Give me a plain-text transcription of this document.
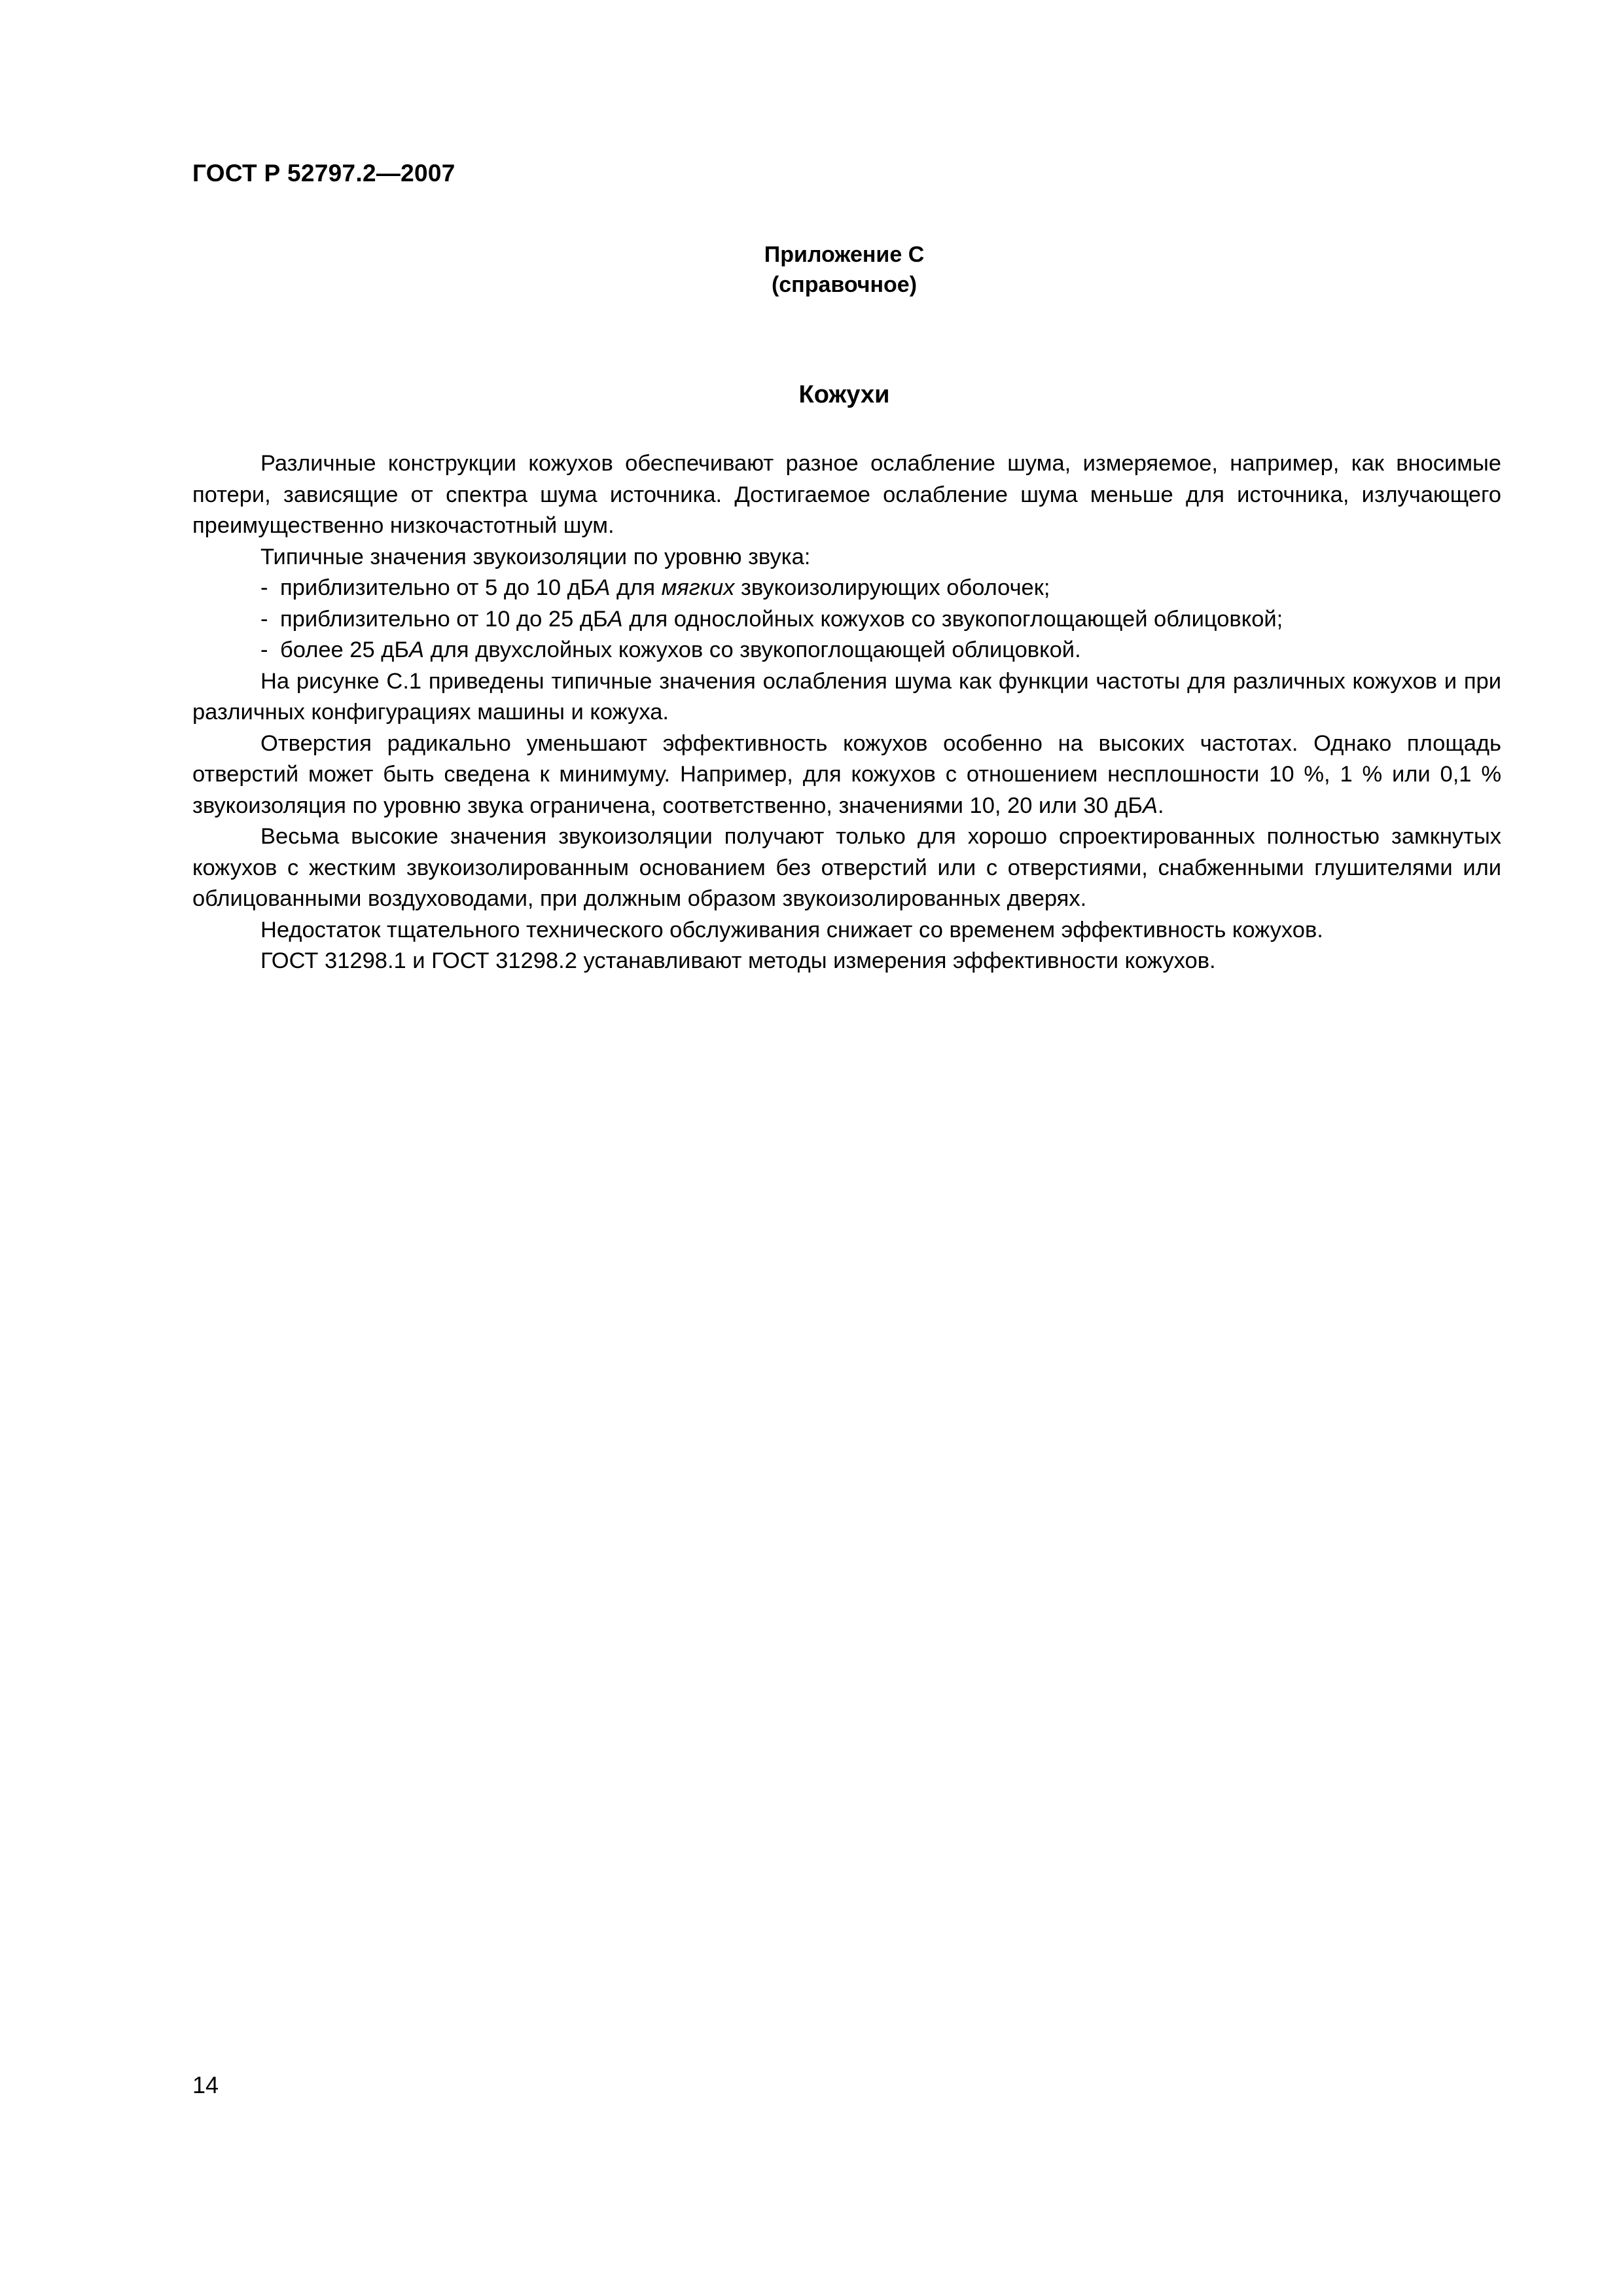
ГОСТ Р 52797.2—2007
Приложение С
(справочное)
Кожухи

Различные конструкции кожухов обеспечивают разное ослабление шума, измеряемое, например, как вносимые потери, зависящие от спектра шума источника. Достигаемое ослабление шума меньше для источника, излучающего преимущественно низкочастотный шум.

Типичные значения звукоизоляции по уровню звука:

- приблизительно от 5 до 10 дБА для мягких звукоизолирующих оболочек;

- приблизительно от 10 до 25 дБА для однослойных кожухов со звукопоглощающей облицовкой;

- более 25 дБА для двухслойных кожухов со звукопоглощающей облицовкой.

На рисунке С.1 приведены типичные значения ослабления шума как функции частоты для различных кожухов и при различных конфигурациях машины и кожуха.

Отверстия радикально уменьшают эффективность кожухов особенно на высоких частотах. Однако площадь отверстий может быть сведена к минимуму. Например, для кожухов с отношением несплошности 10 %, 1 % или 0,1 % звукоизоляция по уровню звука ограничена, соответственно, значениями 10, 20 или 30 дБА.

Весьма высокие значения звукоизоляции получают только для хорошо спроектированных полностью замкнутых кожухов с жестким звукоизолированным основанием без отверстий или с отверстиями, снабженными глушителями или облицованными воздуховодами, при должным образом звукоизолированных дверях.

Недостаток тщательного технического обслуживания снижает со временем эффективность кожухов.

ГОСТ 31298.1 и ГОСТ 31298.2 устанавливают методы измерения эффективности кожухов.

14
